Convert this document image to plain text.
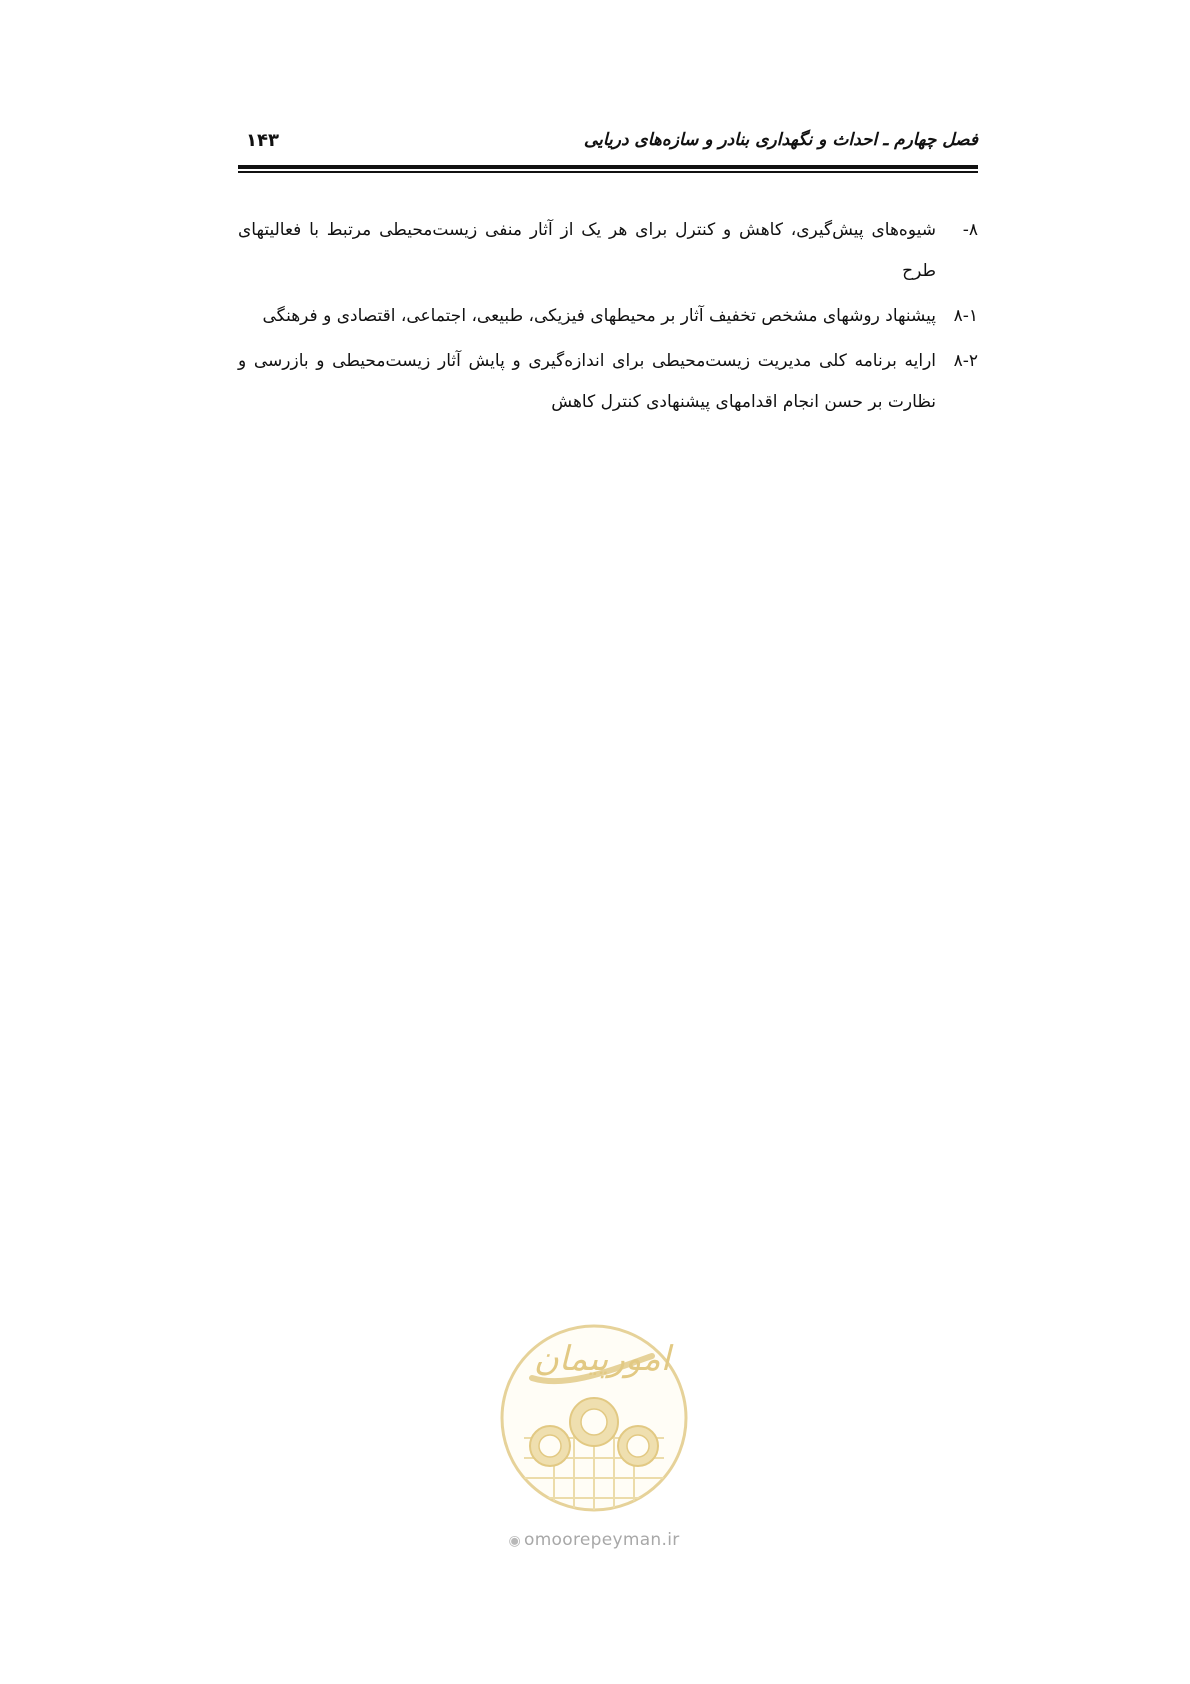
فصل چهارم ـ احداث و نگهداری بنادر و سازه‌های دریایی
۱۴۳
۸-
شیوه‌های پیش‌گیری، کاهش و کنترل برای هر یک از آثار منفی زیست‌محیطی مرتبط با فعالیتهای طرح
۸-۱
پیشنهاد روشهای مشخص تخفیف آثار بر محیطهای فیزیکی، طبیعی، اجتماعی، اقتصادی و فرهنگی
۸-۲
ارایه برنامه کلی مدیریت زیست‌محیطی برای اندازه‌گیری و پایش آثار زیست‌محیطی و بازرسی و نظارت بر حسن انجام اقدامهای پیشنهادی کنترل کاهش
امورپیمان
◉ omoorepeyman.ir
